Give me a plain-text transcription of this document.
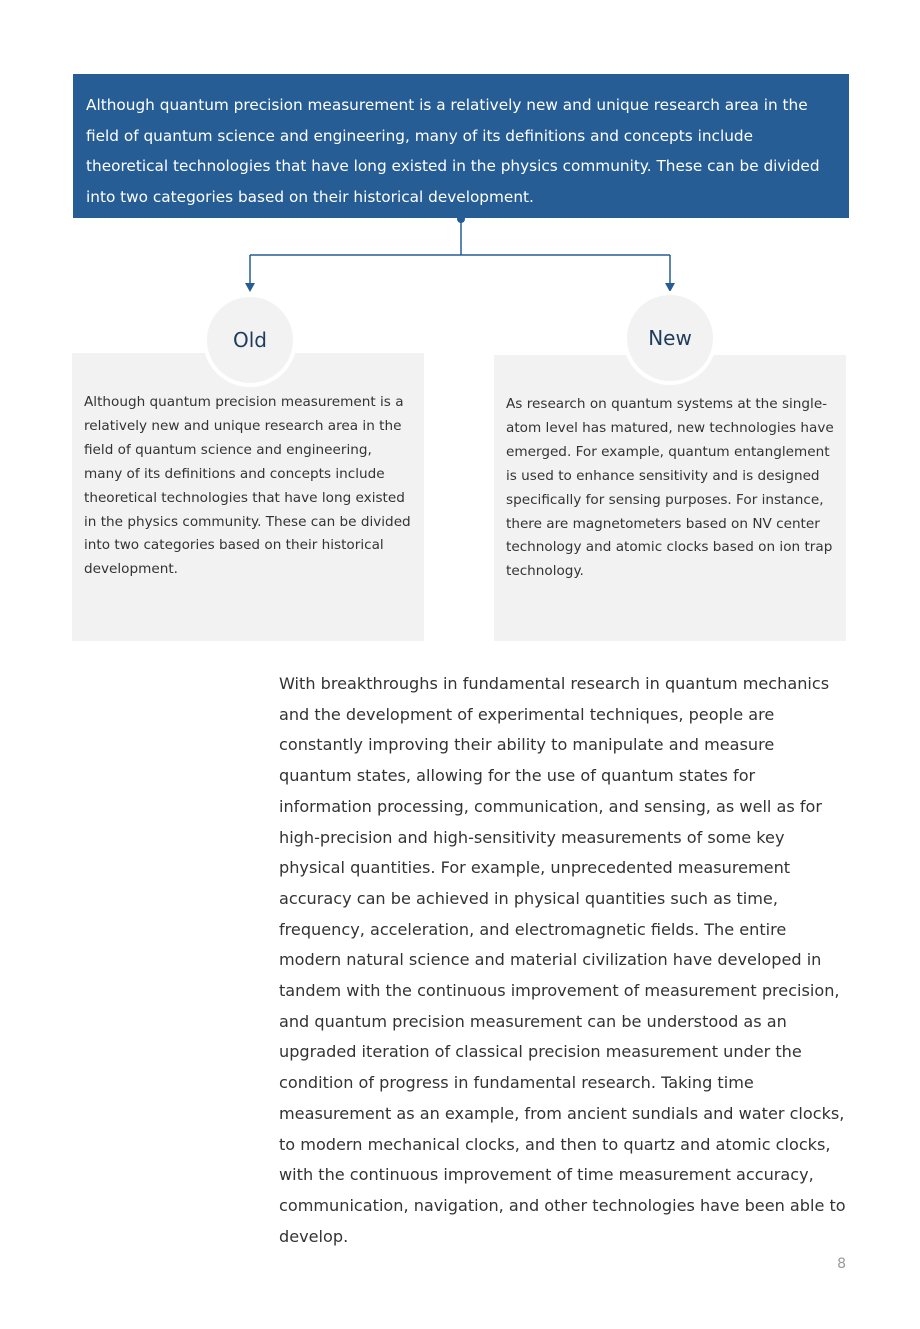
Although quantum precision measurement is a relatively new and unique research area in the field of quantum science and engineering, many of its definitions and concepts include theoretical technologies that have long existed in the physics community. These can be divided into two categories based on their historical development.
Although quantum precision measurement is a relatively new and unique research area in the field of quantum science and engineering, many of its definitions and concepts include theoretical technologies that have long existed in the physics community. These can be divided into two categories based on their historical development.
Old
As research on quantum systems at the single-atom level has matured, new technologies have emerged. For example, quantum entanglement is used to enhance sensitivity and is designed specifically for sensing purposes. For instance, there are magnetometers based on NV center technology and atomic clocks based on ion trap technology.
New
With breakthroughs in fundamental research in quantum mechanics and the development of experimental techniques, people are constantly improving their ability to manipulate and measure quantum states, allowing for the use of quantum states for information processing, communication, and sensing, as well as for high-precision and high-sensitivity measurements of some key physical quantities. For example, unprecedented measurement accuracy can be achieved in physical quantities such as time, frequency, acceleration, and electromagnetic fields. The entire modern natural science and material civilization have developed in tandem with the continuous improvement of measurement precision, and quantum precision measurement can be understood as an upgraded iteration of classical precision measurement under the condition of progress in fundamental research. Taking time measurement as an example, from ancient sundials and water clocks, to modern mechanical clocks, and then to quartz and atomic clocks, with the continuous improvement of time measurement accuracy, communication, navigation, and other technologies have been able to develop.
8
